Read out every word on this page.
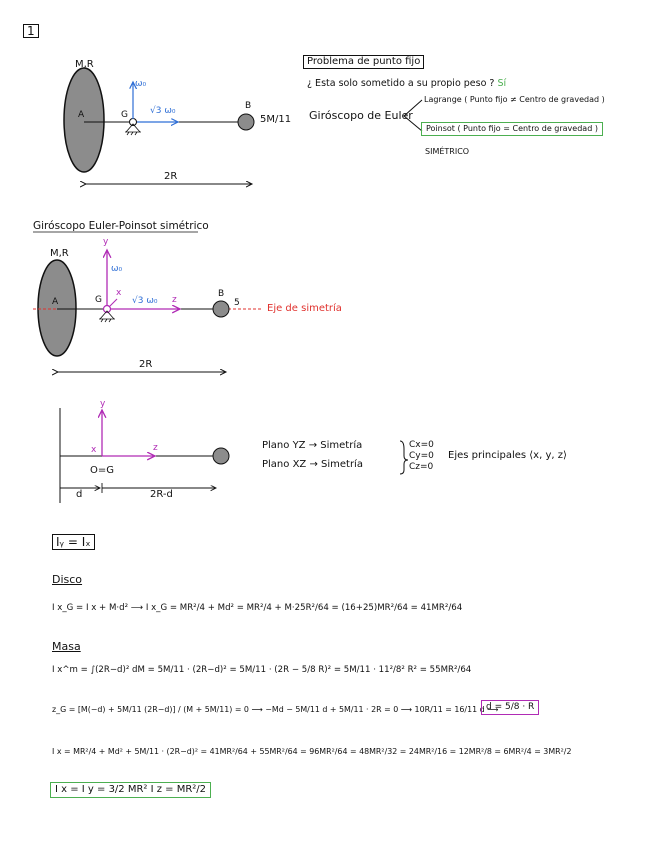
1
M,R
A	G
B
5M/11
ω₀
√3 ω₀
2R
Problema de punto fijo
¿ Esta solo sometido a su propio peso ? Sí
Giróscopo de Euler
Lagrange ( Punto fijo ≠ Centro de gravedad )
Poinsot ( Punto fijo = Centro de gravedad )
SIMÉTRICO
Giróscopo Euler-Poinsot simétrico
M,R
A	G
B
5
ω₀
√3 ω₀
y
x
z
Eje de simetría
2R
y
x	z
O=G
d	2R-d
Plano YZ → Simetría
Plano XZ → Simetría
Cx=0
Cy=0
Cz=0
Ejes principales ⟨x, y, z⟩
Iᵧ = Iₓ
Disco
I x_G = I x + M·d² ⟶ I x_G = MR²/4 + Md² = MR²/4 + M·25R²/64 = (16+25)MR²/64 = 41MR²/64
Masa
I x^m = ∫(2R−d)² dM = 5M/11 · (2R−d)² = 5M/11 · (2R − 5/8 R)² = 5M/11 · 11²/8² R² = 55MR²/64
z_G = [M(−d) + 5M/11 (2R−d)] / (M + 5M/11) = 0 ⟶ −Md − 5M/11 d + 5M/11 · 2R = 0 ⟶ 10R/11 = 16/11 d ⟶
d = 5/8 · R
I x = MR²/4 + Md² + 5M/11 · (2R−d)² = 41MR²/64 + 55MR²/64 = 96MR²/64 = 48MR²/32 = 24MR²/16 = 12MR²/8 = 6MR²/4 = 3MR²/2
I x = I y = 3/2 MR² I z = MR²/2
